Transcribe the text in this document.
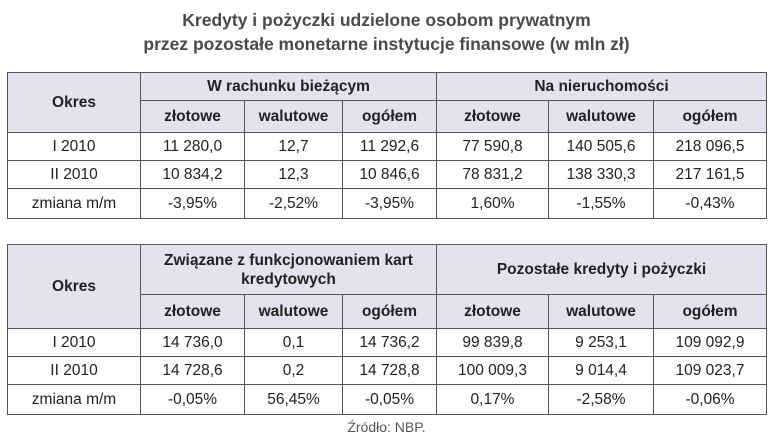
Kredyty i pożyczki udzielone osobom prywatnym
przez pozostałe monetarne instytucje finansowe (w mln zł)
Okres	W rachunku bieżącym			Na nieruchomości		
	złotowe	walutowe	ogółem	złotowe	walutowe	ogółem
I 2010	11 280,0	12,7	11 292,6	77 590,8	140 505,6	218 096,5
II 2010	10 834,2	12,3	10 846,6	78 831,2	138 330,3	217 161,5
zmiana m/m	-3,95%	-2,52%	-3,95%	1,60%	-1,55%	-0,43%
Okres	Związane z funkcjonowaniem kart kredytowych			Pozostałe kredyty i pożyczki		
	złotowe	walutowe	ogółem	złotowe	walutowe	ogółem
I 2010	14 736,0	0,1	14 736,2	99 839,8	9 253,1	109 092,9
II 2010	14 728,6	0,2	14 728,8	100 009,3	9 014,4	109 023,7
zmiana m/m	-0,05%	56,45%	-0,05%	0,17%	-2,58%	-0,06%
Źródło: NBP.
